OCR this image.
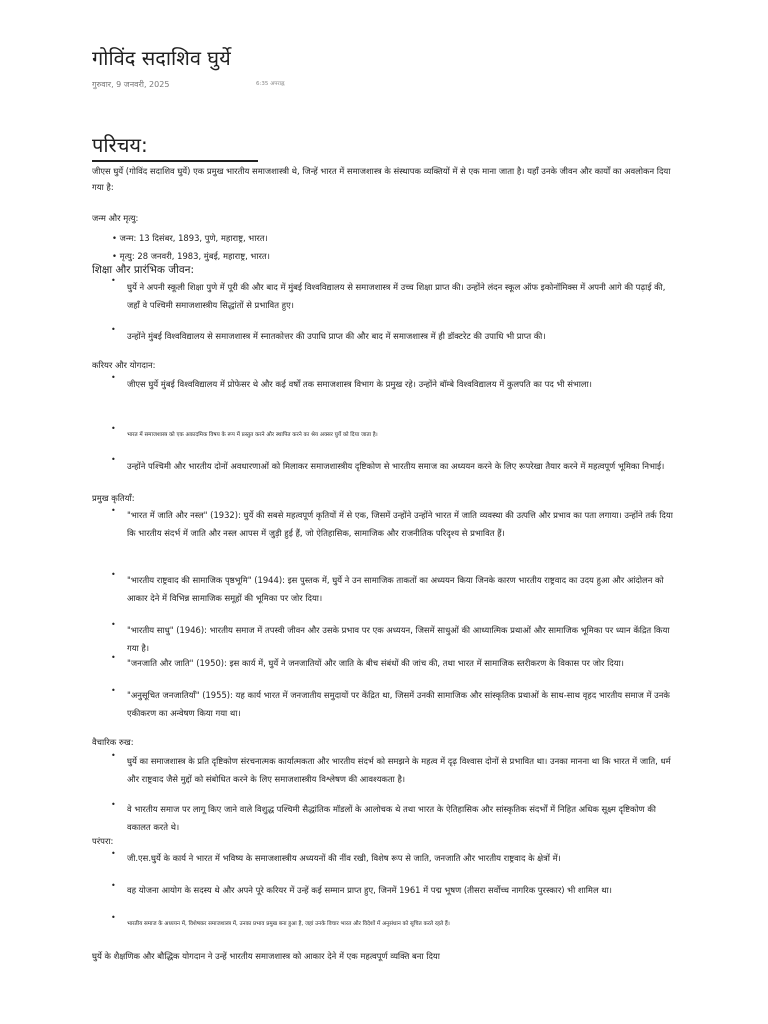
गोविंद सदाशिव घुर्ये
गुरुवार, 9 जनवरी, 2025	6:35 अपराह्न
परिचय:
जीएस घुर्ये (गोविंद सदाशिव घुर्ये) एक प्रमुख भारतीय समाजशास्त्री थे, जिन्हें भारत में समाजशास्त्र के संस्थापक व्यक्तियों में से एक माना जाता है। यहाँ उनके जीवन और कार्यों का अवलोकन दिया गया है:
जन्म और मृत्यु:
• जन्म: 13 दिसंबर, 1893, पुणे, महाराष्ट्र, भारत।
• मृत्यु: 28 जनवरी, 1983, मुंबई, महाराष्ट्र, भारत।
शिक्षा और प्रारंभिक जीवन:
•
घुर्ये ने अपनी स्कूली शिक्षा पुणे में पूरी की और बाद में मुंबई विश्वविद्यालय से समाजशास्त्र में उच्च शिक्षा प्राप्त की। उन्होंने लंदन स्कूल ऑफ इकोनॉमिक्स में अपनी आगे की पढ़ाई की, जहाँ वे पश्चिमी समाजशास्त्रीय सिद्धांतों से प्रभावित हुए।
•
उन्होंने मुंबई विश्वविद्यालय से समाजशास्त्र में स्नातकोत्तर की उपाधि प्राप्त की और बाद में समाजशास्त्र में ही डॉक्टरेट की उपाधि भी प्राप्त की।
करियर और योगदान:
•
जीएस घुर्ये मुंबई विश्वविद्यालय में प्रोफेसर थे और कई वर्षों तक समाजशास्त्र विभाग के प्रमुख रहे। उन्होंने बॉम्बे विश्वविद्यालय में कुलपति का पद भी संभाला।
•
भारत में समाजशास्त्र को एक अकादमिक विषय के रूप में प्रस्तुत करने और स्थापित करने का श्रेय अक्सर घुर्ये को दिया जाता है।
•
उन्होंने पश्चिमी और भारतीय दोनों अवधारणाओं को मिलाकर समाजशास्त्रीय दृष्टिकोण से भारतीय समाज का अध्ययन करने के लिए रूपरेखा तैयार करने में महत्वपूर्ण भूमिका निभाई।
प्रमुख कृतियाँ:
• "भारत में जाति और नस्ल" (1932): घुर्ये की सबसे महत्वपूर्ण कृतियों में से एक, जिसमें उन्होंने उन्होंने भारत में जाति व्यवस्था की उत्पत्ति और प्रभाव का पता लगाया। उन्होंने तर्क दिया कि भारतीय संदर्भ में जाति और नस्ल आपस में जुड़ी हुई हैं, जो ऐतिहासिक, सामाजिक और राजनीतिक परिदृश्य से प्रभावित हैं।
•
"भारतीय राष्ट्रवाद की सामाजिक पृष्ठभूमि" (1944): इस पुस्तक में, घुर्ये ने उन सामाजिक ताकतों का अध्ययन किया जिनके कारण भारतीय राष्ट्रवाद का उदय हुआ और आंदोलन को आकार देने में विभिन्न सामाजिक समूहों की भूमिका पर जोर दिया।
•
"भारतीय साधु" (1946): भारतीय समाज में तपस्वी जीवन और उसके प्रभाव पर एक अध्ययन, जिसमें साधुओं की आध्यात्मिक प्रथाओं और सामाजिक भूमिका पर ध्यान केंद्रित किया गया है।
•
"जनजाति और जाति" (1950): इस कार्य में, घुर्ये ने जनजातियों और जाति के बीच संबंधों की जांच की, तथा भारत में सामाजिक स्तरीकरण के विकास पर जोर दिया।
• "अनुसूचित जनजातियाँ" (1955): यह कार्य भारत में जनजातीय समुदायों पर केंद्रित था, जिसमें उनकी सामाजिक और सांस्कृतिक प्रथाओं के साथ-साथ वृहद भारतीय समाज में उनके एकीकरण का अन्वेषण किया गया था।
वैचारिक रुख:
•
घुर्ये का समाजशास्त्र के प्रति दृष्टिकोण संरचनात्मक कार्यात्मकता और भारतीय संदर्भ को समझने के महत्व में दृढ़ विश्वास दोनों से प्रभावित था। उनका मानना था कि भारत में जाति, धर्म और राष्ट्रवाद जैसे मुद्दों को संबोधित करने के लिए समाजशास्त्रीय विश्लेषण की आवश्यकता है।
• वे भारतीय समाज पर लागू किए जाने वाले विशुद्ध पश्चिमी सैद्धांतिक मॉडलों के आलोचक थे तथा भारत के ऐतिहासिक और सांस्कृतिक संदर्भों में निहित अधिक सूक्ष्म दृष्टिकोण की वकालत करते थे।
परंपरा:
• जी.एस.घुर्ये के कार्य ने भारत में भविष्य के समाजशास्त्रीय अध्ययनों की नींव रखी, विशेष रूप से जाति, जनजाति और भारतीय राष्ट्रवाद के क्षेत्रों में।
• वह योजना आयोग के सदस्य थे और अपने पूरे करियर में उन्हें कई सम्मान प्राप्त हुए, जिनमें 1961 में पद्म भूषण (तीसरा सर्वोच्च नागरिक पुरस्कार) भी शामिल था।
•
भारतीय समाज के अध्ययन में, विशेषकर समाजशास्त्र में, उनका प्रभाव प्रमुख बना हुआ है, जहां उनके विचार भारत और विदेशों में अनुसंधान को सूचित करते रहते हैं।
घुर्ये के शैक्षणिक और बौद्धिक योगदान ने उन्हें भारतीय समाजशास्त्र को आकार देने में एक महत्वपूर्ण व्यक्ति बना दिया
